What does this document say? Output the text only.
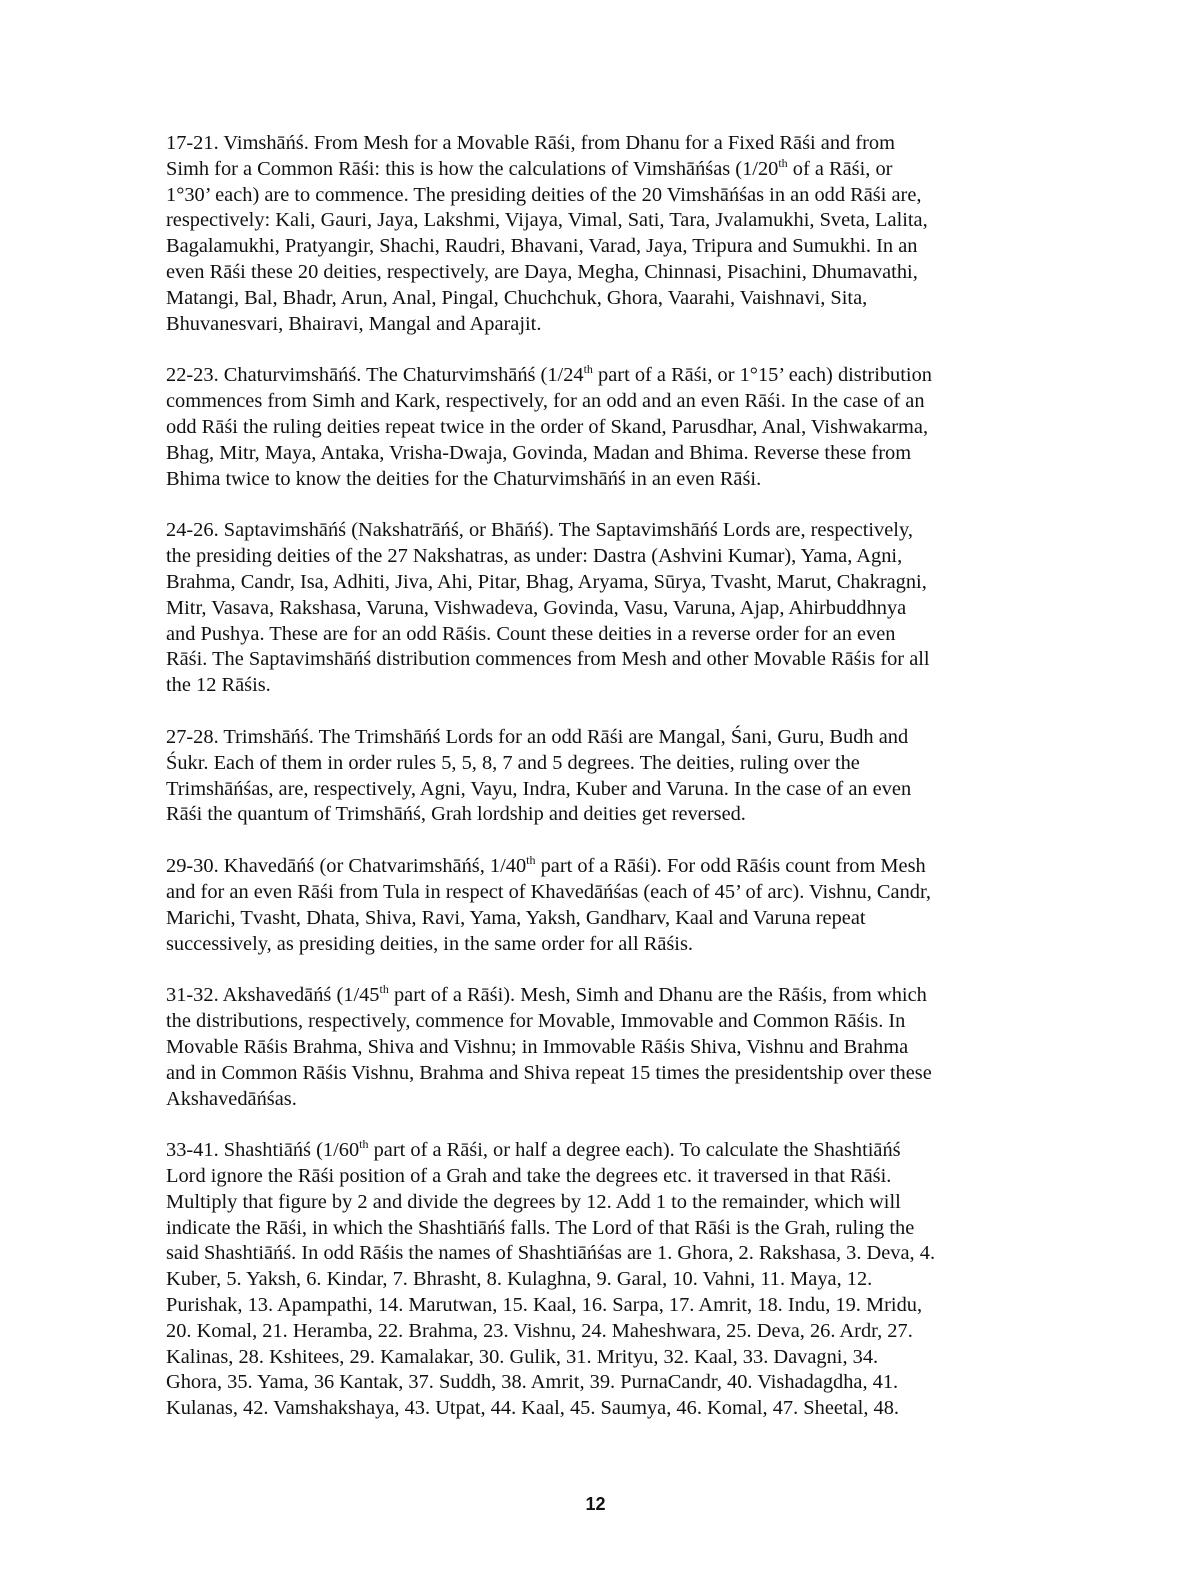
17-21. Vimshāńś. From Mesh for a Movable Rāśi, from Dhanu for a Fixed Rāśi and from
Simh for a Common Rāśi: this is how the calculations of Vimshāńśas (1/20th of a Rāśi, or
1°30’ each) are to commence. The presiding deities of the 20 Vimshāńśas in an odd Rāśi are,
respectively: Kali, Gauri, Jaya, Lakshmi, Vijaya, Vimal, Sati, Tara, Jvalamukhi, Sveta, Lalita,
Bagalamukhi, Pratyangir, Shachi, Raudri, Bhavani, Varad, Jaya, Tripura and Sumukhi. In an
even Rāśi these 20 deities, respectively, are Daya, Megha, Chinnasi, Pisachini, Dhumavathi,
Matangi, Bal, Bhadr, Arun, Anal, Pingal, Chuchchuk, Ghora, Vaarahi, Vaishnavi, Sita,
Bhuvanesvari, Bhairavi, Mangal and Aparajit.
22-23. Chaturvimshāńś. The Chaturvimshāńś (1/24th part of a Rāśi, or 1°15’ each) distribution
commences from Simh and Kark, respectively, for an odd and an even Rāśi. In the case of an
odd Rāśi the ruling deities repeat twice in the order of Skand, Parusdhar, Anal, Vishwakarma,
Bhag, Mitr, Maya, Antaka, Vrisha-Dwaja, Govinda, Madan and Bhima. Reverse these from
Bhima twice to know the deities for the Chaturvimshāńś in an even Rāśi.
24-26. Saptavimshāńś (Nakshatrāńś, or Bhāńś). The Saptavimshāńś Lords are, respectively,
the presiding deities of the 27 Nakshatras, as under: Dastra (Ashvini Kumar), Yama, Agni,
Brahma, Candr, Isa, Adhiti, Jiva, Ahi, Pitar, Bhag, Aryama, Sūrya, Tvasht, Marut, Chakragni,
Mitr, Vasava, Rakshasa, Varuna, Vishwadeva, Govinda, Vasu, Varuna, Ajap, Ahirbuddhnya
and Pushya. These are for an odd Rāśis. Count these deities in a reverse order for an even
Rāśi. The Saptavimshāńś distribution commences from Mesh and other Movable Rāśis for all
the 12 Rāśis.
27-28. Trimshāńś. The Trimshāńś Lords for an odd Rāśi are Mangal, Śani, Guru, Budh and
Śukr. Each of them in order rules 5, 5, 8, 7 and 5 degrees. The deities, ruling over the
Trimshāńśas, are, respectively, Agni, Vayu, Indra, Kuber and Varuna. In the case of an even
Rāśi the quantum of Trimshāńś, Grah lordship and deities get reversed.
29-30. Khavedāńś (or Chatvarimshāńś, 1/40th part of a Rāśi). For odd Rāśis count from Mesh
and for an even Rāśi from Tula in respect of Khavedāńśas (each of 45’ of arc). Vishnu, Candr,
Marichi, Tvasht, Dhata, Shiva, Ravi, Yama, Yaksh, Gandharv, Kaal and Varuna repeat
successively, as presiding deities, in the same order for all Rāśis.
31-32. Akshavedāńś (1/45th part of a Rāśi). Mesh, Simh and Dhanu are the Rāśis, from which
the distributions, respectively, commence for Movable, Immovable and Common Rāśis. In
Movable Rāśis Brahma, Shiva and Vishnu; in Immovable Rāśis Shiva, Vishnu and Brahma
and in Common Rāśis Vishnu, Brahma and Shiva repeat 15 times the presidentship over these
Akshavedāńśas.
33-41. Shashtiāńś (1/60th part of a Rāśi, or half a degree each). To calculate the Shashtiāńś
Lord ignore the Rāśi position of a Grah and take the degrees etc. it traversed in that Rāśi.
Multiply that figure by 2 and divide the degrees by 12. Add 1 to the remainder, which will
indicate the Rāśi, in which the Shashtiāńś falls. The Lord of that Rāśi is the Grah, ruling the
said Shashtiāńś. In odd Rāśis the names of Shashtiāńśas are 1. Ghora, 2. Rakshasa, 3. Deva, 4.
Kuber, 5. Yaksh, 6. Kindar, 7. Bhrasht, 8. Kulaghna, 9. Garal, 10. Vahni, 11. Maya, 12.
Purishak, 13. Apampathi, 14. Marutwan, 15. Kaal, 16. Sarpa, 17. Amrit, 18. Indu, 19. Mridu,
20. Komal, 21. Heramba, 22. Brahma, 23. Vishnu, 24. Maheshwara, 25. Deva, 26. Ardr, 27.
Kalinas, 28. Kshitees, 29. Kamalakar, 30. Gulik, 31. Mrityu, 32. Kaal, 33. Davagni, 34.
Ghora, 35. Yama, 36 Kantak, 37. Suddh, 38. Amrit, 39. PurnaCandr, 40. Vishadagdha, 41.
Kulanas, 42. Vamshakshaya, 43. Utpat, 44. Kaal, 45. Saumya, 46. Komal, 47. Sheetal, 48.
12
